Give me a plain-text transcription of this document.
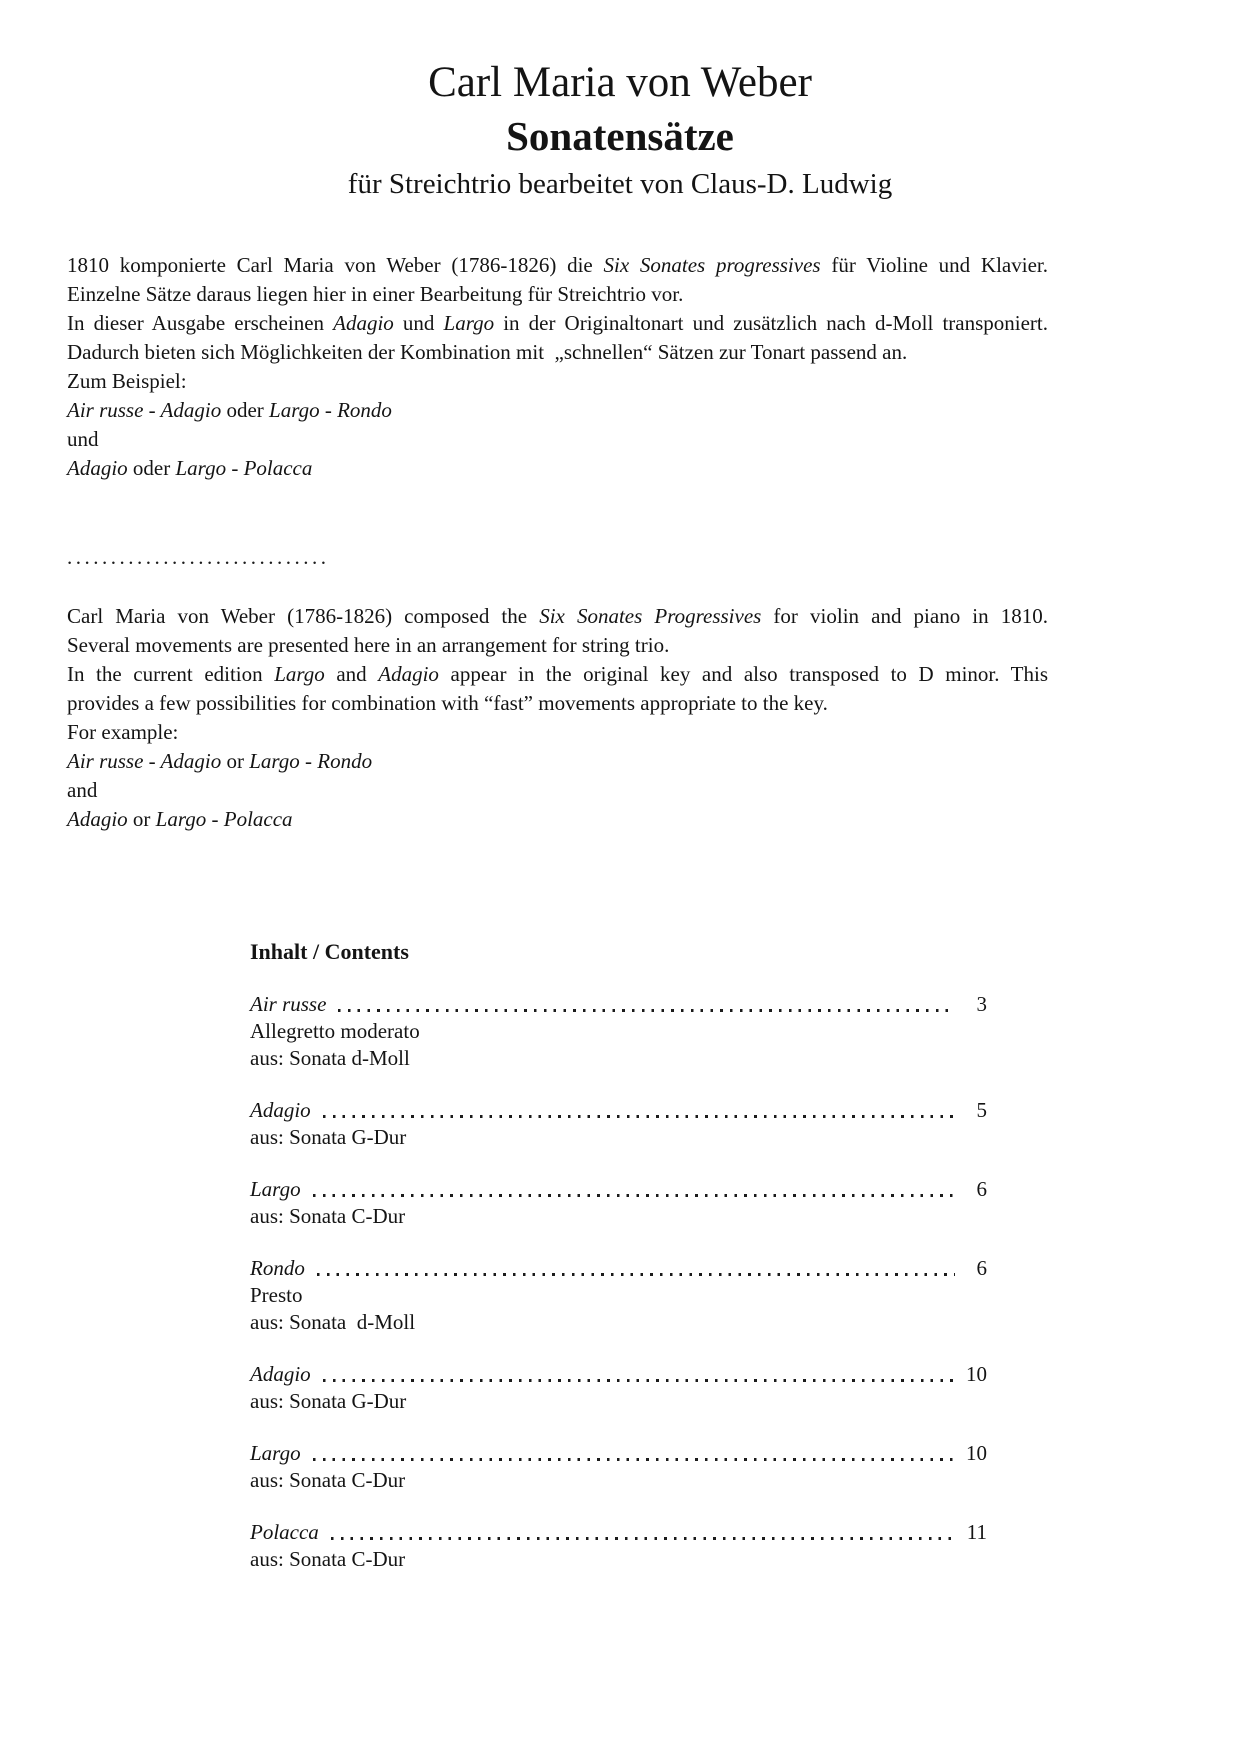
Carl Maria von Weber
Sonatensätze
für Streichtrio bearbeitet von Claus-D. Ludwig
1810 komponierte Carl Maria von Weber (1786-1826) die Six Sonates progressives für Violine und Klavier.
Einzelne Sätze daraus liegen hier in einer Bearbeitung für Streichtrio vor.
In dieser Ausgabe erscheinen Adagio und Largo in der Originaltonart und zusätzlich nach d-Moll transponiert.
Dadurch bieten sich Möglichkeiten der Kombination mit  „schnellen“ Sätzen zur Tonart passend an.
Zum Beispiel:
Air russe - Adagio oder Largo - Rondo
und
Adagio oder Largo - Polacca
..............................
Carl Maria von Weber (1786-1826) composed the Six Sonates Progressives for violin and piano in 1810.
Several movements are presented here in an arrangement for string trio.
In the current edition Largo and Adagio appear in the original key and also transposed to D minor. This
provides a few possibilities for combination with “fast” movements appropriate to the key.
For example:
Air russe - Adagio or Largo - Rondo
and
Adagio or Largo - Polacca
Inhalt / Contents
Air russe	3
Allegretto moderato
aus: Sonata d-Moll
Adagio	5
aus: Sonata G-Dur
Largo	6
aus: Sonata C-Dur
Rondo	6
Presto
aus: Sonata  d-Moll
Adagio	10
aus: Sonata G-Dur
Largo	10
aus: Sonata C-Dur
Polacca	11
aus: Sonata C-Dur
